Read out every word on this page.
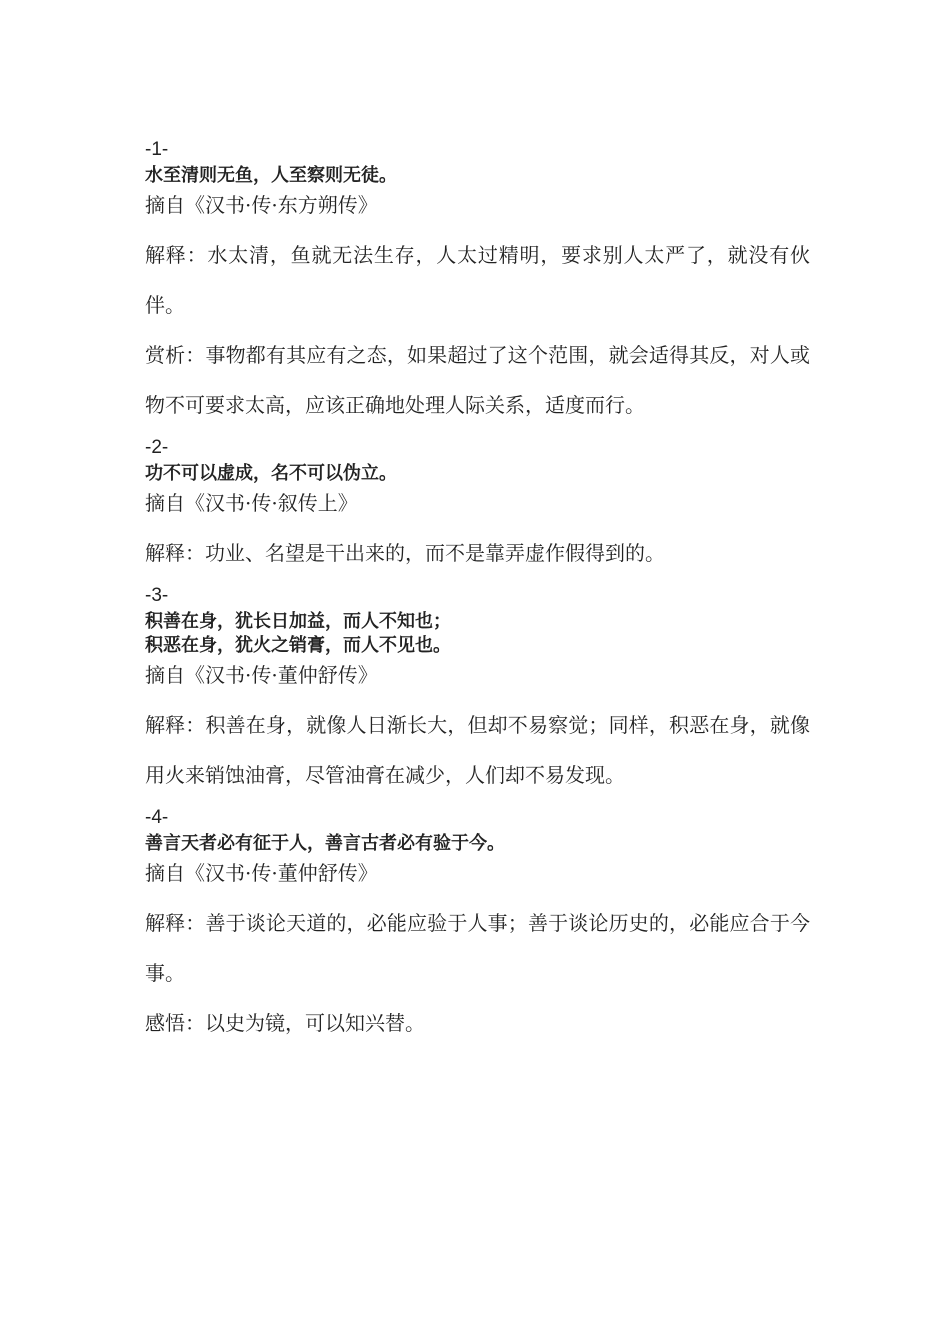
-1-

水至清则无鱼，人至察则无徒。

摘自《汉书·传·东方朔传》

解释：水太清，鱼就无法生存，人太过精明，要求别人太严了，就没有伙伴。

赏析：事物都有其应有之态，如果超过了这个范围，就会适得其反，对人或物不可要求太高，应该正确地处理人际关系，适度而行。

-2-

功不可以虚成，名不可以伪立。

摘自《汉书·传·叙传上》

解释：功业、名望是干出来的，而不是靠弄虚作假得到的。

-3-

积善在身，犹长日加益，而人不知也；

积恶在身，犹火之销膏，而人不见也。

摘自《汉书·传·董仲舒传》

解释：积善在身，就像人日渐长大，但却不易察觉；同样，积恶在身，就像用火来销蚀油膏，尽管油膏在减少，人们却不易发现。

-4-

善言天者必有征于人，善言古者必有验于今。

摘自《汉书·传·董仲舒传》

解释：善于谈论天道的，必能应验于人事；善于谈论历史的，必能应合于今事。

感悟：以史为镜，可以知兴替。
